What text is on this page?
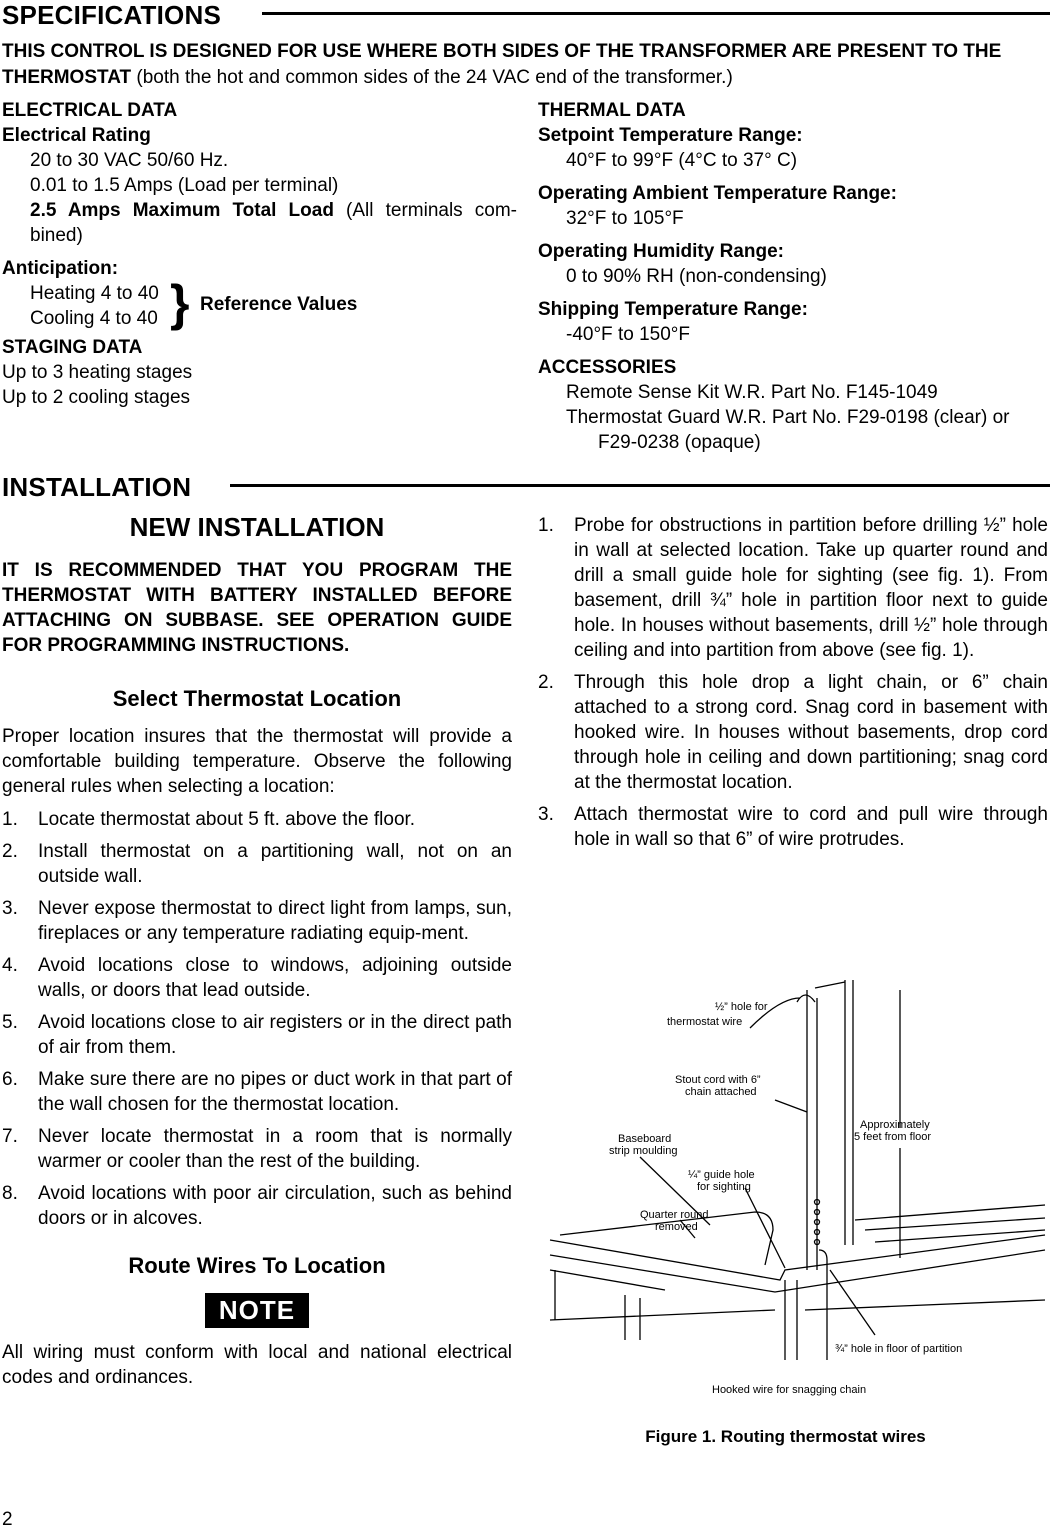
SPECIFICATIONS
THIS CONTROL IS DESIGNED FOR USE WHERE BOTH SIDES OF THE TRANSFORMER ARE PRESENT TO THE THERMOSTAT (both the hot and common sides of the 24 VAC end of the transformer.)
ELECTRICAL DATA
Electrical Rating
20 to 30 VAC 50/60 Hz.
0.01 to 1.5 Amps (Load per terminal)
2.5 Amps Maximum Total Load (All terminals com-bined)
Anticipation:
Heating 4 to 40
Cooling 4 to 40 } Reference Values
STAGING DATA
Up to 3 heating stages
Up to 2 cooling stages
THERMAL DATA
Setpoint Temperature Range:
40°F to 99°F (4°C to 37° C)
Operating Ambient Temperature Range:
32°F to 105°F
Operating Humidity Range:
0 to 90% RH (non-condensing)
Shipping Temperature Range:
-40°F to 150°F
ACCESSORIES
Remote Sense Kit W.R. Part No. F145-1049
Thermostat Guard W.R. Part No. F29-0198 (clear) or
F29-0238 (opaque)
INSTALLATION
NEW INSTALLATION
IT IS RECOMMENDED THAT YOU PROGRAM THE THERMOSTAT WITH BATTERY INSTALLED BEFORE ATTACHING ON SUBBASE. SEE OPERATION GUIDE FOR PROGRAMMING INSTRUCTIONS.
Select Thermostat Location
Proper location insures that the thermostat will provide a comfortable building temperature. Observe the following general rules when selecting a location:
1. Locate thermostat about 5 ft. above the floor.
2. Install thermostat on a partitioning wall, not on an outside wall.
3. Never expose thermostat to direct light from lamps, sun, fireplaces or any temperature radiating equip-ment.
4. Avoid locations close to windows, adjoining outside walls, or doors that lead outside.
5. Avoid locations close to air registers or in the direct path of air from them.
6. Make sure there are no pipes or duct work in that part of the wall chosen for the thermostat location.
7. Never locate thermostat in a room that is normally warmer or cooler than the rest of the building.
8. Avoid locations with poor air circulation, such as behind doors or in alcoves.
Route Wires To Location
NOTE
All wiring must conform with local and national electrical codes and ordinances.
1. Probe for obstructions in partition before drilling ½” hole in wall at selected location. Take up quarter round and drill a small guide hole for sighting (see fig. 1). From basement, drill ¾” hole in partition floor next to guide hole. In houses without basements, drill ½” hole through ceiling and into partition from above (see fig. 1).
2. Through this hole drop a light chain, or 6” chain attached to a strong cord. Snag cord in basement with hooked wire. In houses without basements, drop cord through hole in ceiling and down partitioning; snag cord at the thermostat location.
3. Attach thermostat wire to cord and pull wire through hole in wall so that 6” of wire protrudes.
½” hole for
thermostat wire
Stout cord with 6”
chain attached
Baseboard
strip moulding
¼” guide hole
for sighting
Quarter round
removed
Approximately
5 feet from floor
¾” hole in floor of partition
Hooked wire for snagging chain
Figure 1. Routing thermostat wires
2
